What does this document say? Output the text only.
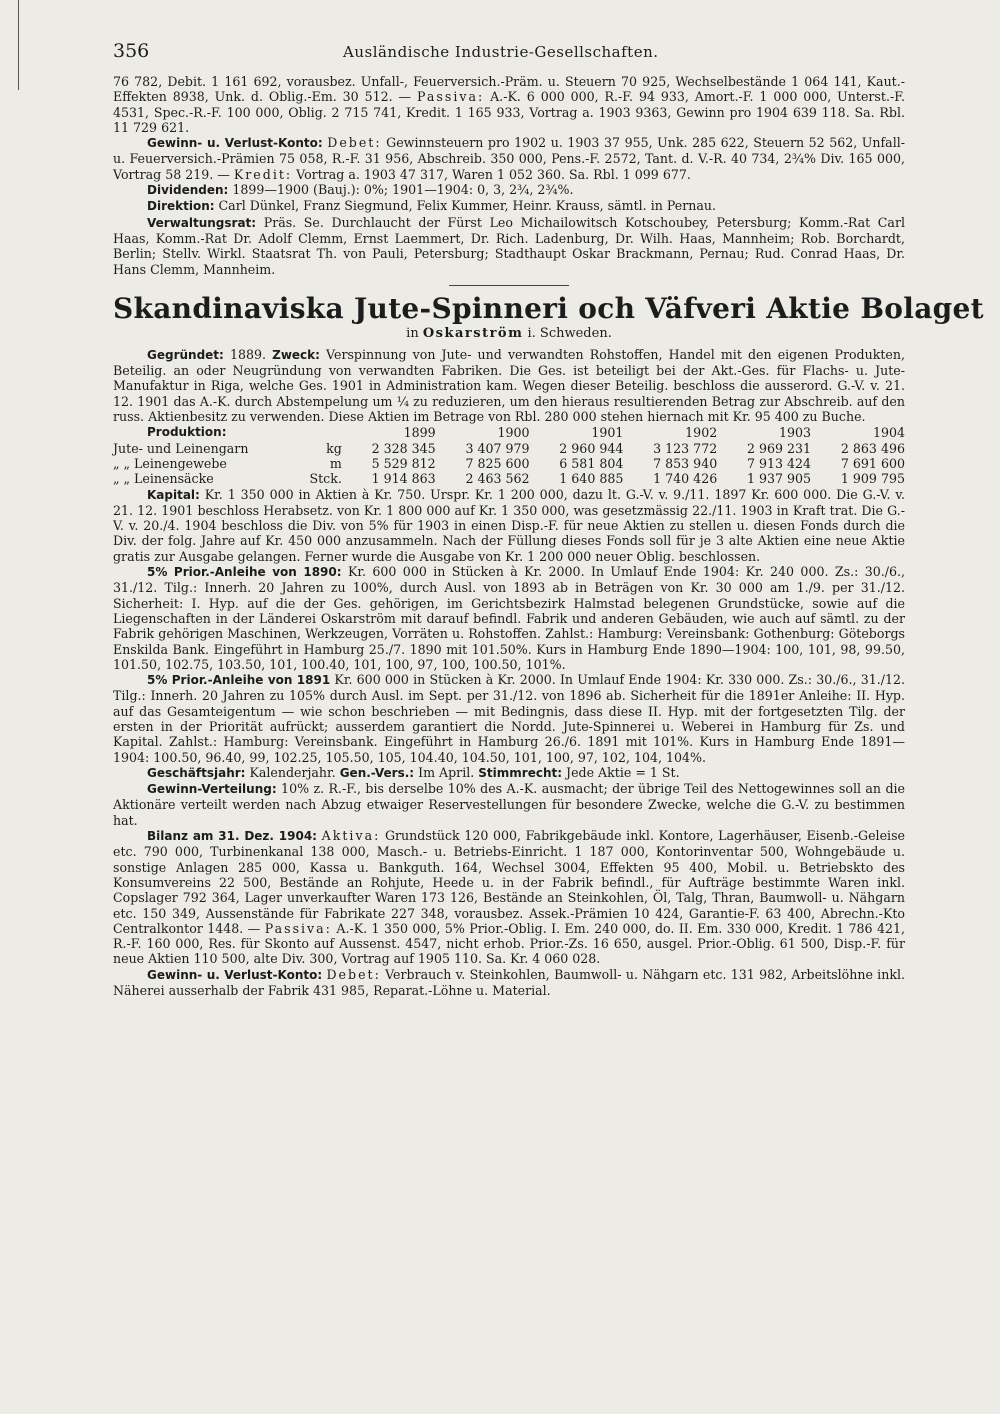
356	Ausländische Industrie-Gesellschaften.

76 782, Debit. 1 161 692, vorausbez. Unfall-, Feuerversich.-Präm. u. Steuern 70 925, Wechselbestände 1 064 141, Kaut.-Effekten 8938, Unk. d. Oblig.-Em. 30 512. — Passiva: A.-K. 6 000 000, R.-F. 94 933, Amort.-F. 1 000 000, Unterst.-F. 4531, Spec.-R.-F. 100 000, Oblig. 2 715 741, Kredit. 1 165 933, Vortrag a. 1903 9363, Gewinn pro 1904 639 118. Sa. Rbl. 11 729 621.

Gewinn- u. Verlust-Konto: Debet: Gewinnsteuern pro 1902 u. 1903 37 955, Unk. 285 622, Steuern 52 562, Unfall- u. Feuerversich.-Prämien 75 058, R.-F. 31 956, Abschreib. 350 000, Pens.-F. 2572, Tant. d. V.-R. 40 734, 2¾% Div. 165 000, Vortrag 58 219. — Kredit: Vortrag a. 1903 47 317, Waren 1 052 360. Sa. Rbl. 1 099 677.

Dividenden: 1899—1900 (Bauj.): 0%; 1901—1904: 0, 3, 2¾, 2¾%.

Direktion: Carl Dünkel, Franz Siegmund, Felix Kummer, Heinr. Krauss, sämtl. in Pernau.

Verwaltungsrat: Präs. Se. Durchlaucht der Fürst Leo Michailowitsch Kotschoubey, Petersburg; Komm.-Rat Carl Haas, Komm.-Rat Dr. Adolf Clemm, Ernst Laemmert, Dr. Rich. Ladenburg, Dr. Wilh. Haas, Mannheim; Rob. Borchardt, Berlin; Stellv. Wirkl. Staatsrat Th. von Pauli, Petersburg; Stadthaupt Oskar Brackmann, Pernau; Rud. Conrad Haas, Dr. Hans Clemm, Mannheim.

Skandinaviska Jute-Spinneri och Väfveri Aktie Bolaget
in Oskarström i. Schweden.

Gegründet: 1889. Zweck: Verspinnung von Jute- und verwandten Rohstoffen, Handel mit den eigenen Produkten, Beteilig. an oder Neugründung von verwandten Fabriken. Die Ges. ist beteiligt bei der Akt.-Ges. für Flachs- u. Jute-Manufaktur in Riga, welche Ges. 1901 in Administration kam. Wegen dieser Beteilig. beschloss die ausserord. G.-V. v. 21. 12. 1901 das A.-K. durch Abstempelung um ¼ zu reduzieren, um den hieraus resultierenden Betrag zur Abschreib. auf den russ. Aktienbesitz zu verwenden. Diese Aktien im Betrage von Rbl. 280 000 stehen hiernach mit Kr. 95 400 zu Buche.

Produktion:		1899	1900	1901	1902	1903	1904
Jute- und Leinengarn	kg	2 328 345	3 407 979	2 960 944	3 123 772	2 969 231	2 863 496
„ „ Leinengewebe	m	5 529 812	7 825 600	6 581 804	7 853 940	7 913 424	7 691 600
„ „ Leinensäcke	Stck.	1 914 863	2 463 562	1 640 885	1 740 426	1 937 905	1 909 795

Kapital: Kr. 1 350 000 in Aktien à Kr. 750. Urspr. Kr. 1 200 000, dazu lt. G.-V. v. 9./11. 1897 Kr. 600 000. Die G.-V. v. 21. 12. 1901 beschloss Herabsetz. von Kr. 1 800 000 auf Kr. 1 350 000, was gesetzmässig 22./11. 1903 in Kraft trat. Die G.-V. v. 20./4. 1904 beschloss die Div. von 5% für 1903 in einen Disp.-F. für neue Aktien zu stellen u. diesen Fonds durch die Div. der folg. Jahre auf Kr. 450 000 anzusammeln. Nach der Füllung dieses Fonds soll für je 3 alte Aktien eine neue Aktie gratis zur Ausgabe gelangen. Ferner wurde die Ausgabe von Kr. 1 200 000 neuer Oblig. beschlossen.

5% Prior.-Anleihe von 1890: Kr. 600 000 in Stücken à Kr. 2000. In Umlauf Ende 1904: Kr. 240 000. Zs.: 30./6., 31./12. Tilg.: Innerh. 20 Jahren zu 100%, durch Ausl. von 1893 ab in Beträgen von Kr. 30 000 am 1./9. per 31./12. Sicherheit: I. Hyp. auf die der Ges. gehörigen, im Gerichtsbezirk Halmstad belegenen Grundstücke, sowie auf die Liegenschaften in der Länderei Oskarström mit darauf befindl. Fabrik und anderen Gebäuden, wie auch auf sämtl. zu der Fabrik gehörigen Maschinen, Werkzeugen, Vorräten u. Rohstoffen. Zahlst.: Hamburg: Vereinsbank: Gothenburg: Göteborgs Enskilda Bank. Eingeführt in Hamburg 25./7. 1890 mit 101.50%. Kurs in Hamburg Ende 1890—1904: 100, 101, 98, 99.50, 101.50, 102.75, 103.50, 101, 100.40, 101, 100, 97, 100, 100.50, 101%.

5% Prior.-Anleihe von 1891 Kr. 600 000 in Stücken à Kr. 2000. In Umlauf Ende 1904: Kr. 330 000. Zs.: 30./6., 31./12. Tilg.: Innerh. 20 Jahren zu 105% durch Ausl. im Sept. per 31./12. von 1896 ab. Sicherheit für die 1891er Anleihe: II. Hyp. auf das Gesamteigentum — wie schon beschrieben — mit Bedingnis, dass diese II. Hyp. mit der fortgesetzten Tilg. der ersten in der Priorität aufrückt; ausserdem garantiert die Nordd. Jute-Spinnerei u. Weberei in Hamburg für Zs. und Kapital. Zahlst.: Hamburg: Vereinsbank. Eingeführt in Hamburg 26./6. 1891 mit 101%. Kurs in Hamburg Ende 1891—1904: 100.50, 96.40, 99, 102.25, 105.50, 105, 104.40, 104.50, 101, 100, 97, 102, 104, 104%.

Geschäftsjahr: Kalenderjahr. Gen.-Vers.: Im April. Stimmrecht: Jede Aktie = 1 St.

Gewinn-Verteilung: 10% z. R.-F., bis derselbe 10% des A.-K. ausmacht; der übrige Teil des Nettogewinnes soll an die Aktionäre verteilt werden nach Abzug etwaiger Reservestellungen für besondere Zwecke, welche die G.-V. zu bestimmen hat.

Bilanz am 31. Dez. 1904: Aktiva: Grundstück 120 000, Fabrikgebäude inkl. Kontore, Lagerhäuser, Eisenb.-Geleise etc. 790 000, Turbinenkanal 138 000, Masch.- u. Betriebs-Einricht. 1 187 000, Kontorinventar 500, Wohngebäude u. sonstige Anlagen 285 000, Kassa u. Bankguth. 164, Wechsel 3004, Effekten 95 400, Mobil. u. Betriebskto des Konsumvereins 22 500, Bestände an Rohjute, Heede u. in der Fabrik befindl., für Aufträge bestimmte Waren inkl. Copslager 792 364, Lager unverkaufter Waren 173 126, Bestände an Steinkohlen, Öl, Talg, Thran, Baumwoll- u. Nähgarn etc. 150 349, Aussenstände für Fabrikate 227 348, vorausbez. Assek.-Prämien 10 424, Garantie-F. 63 400, Abrechn.-Kto Centralkontor 1448. — Passiva: A.-K. 1 350 000, 5% Prior.-Oblig. I. Em. 240 000, do. II. Em. 330 000, Kredit. 1 786 421, R.-F. 160 000, Res. für Skonto auf Aussenst. 4547, nicht erhob. Prior.-Zs. 16 650, ausgel. Prior.-Oblig. 61 500, Disp.-F. für neue Aktien 110 500, alte Div. 300, Vortrag auf 1905 110. Sa. Kr. 4 060 028.

Gewinn- u. Verlust-Konto: Debet: Verbrauch v. Steinkohlen, Baumwoll- u. Nähgarn etc. 131 982, Arbeitslöhne inkl. Näherei ausserhalb der Fabrik 431 985, Reparat.-Löhne u. Material.
